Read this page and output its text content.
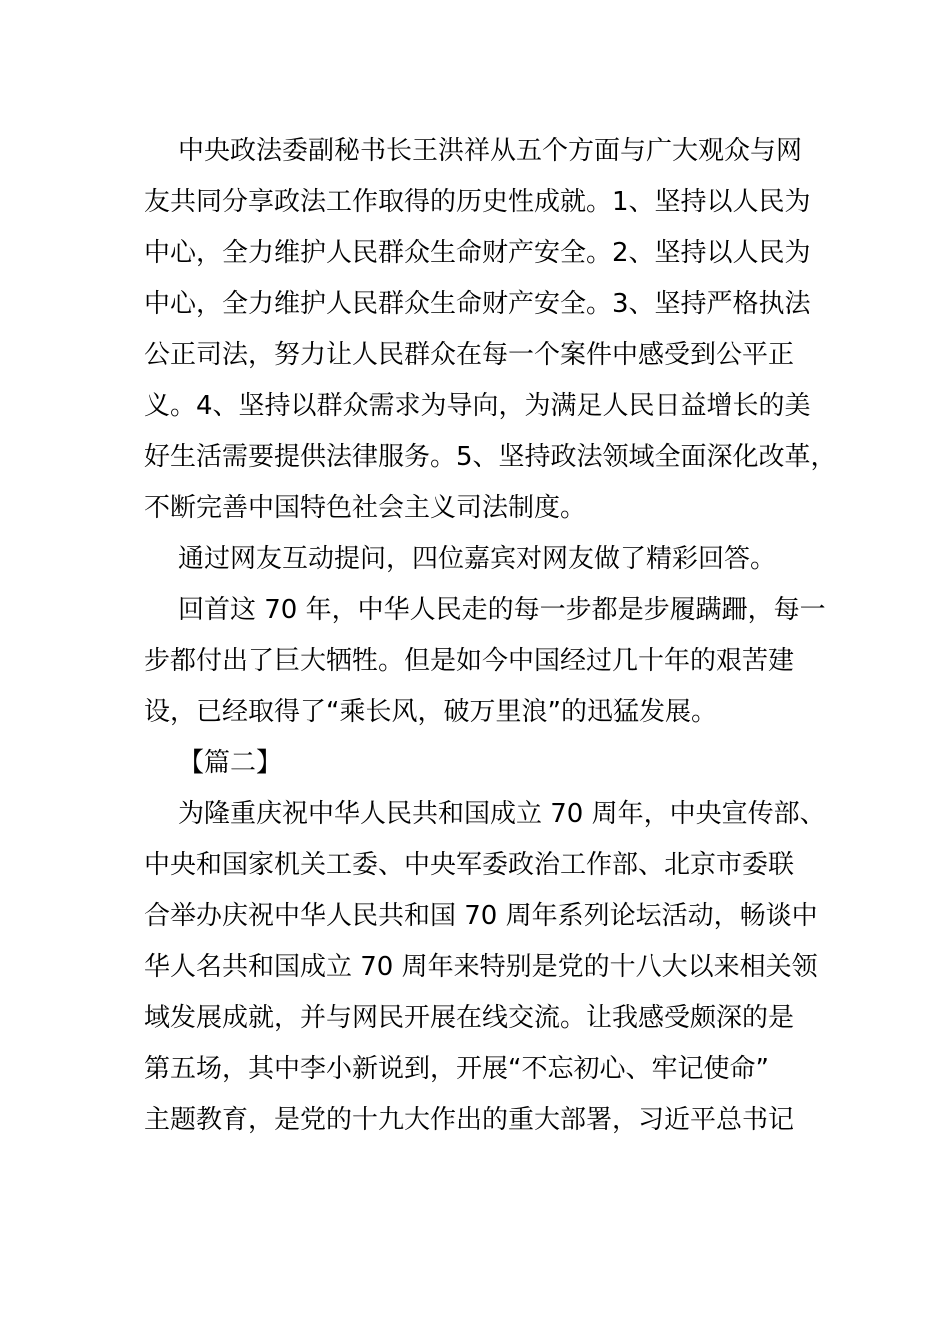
中央政法委副秘书长王洪祥从五个方面与广大观众与网
友共同分享政法工作取得的历史性成就。1、坚持以人民为
中心，全力维护人民群众生命财产安全。2、坚持以人民为
中心，全力维护人民群众生命财产安全。3、坚持严格执法
公正司法，努力让人民群众在每一个案件中感受到公平正
义。4、坚持以群众需求为导向，为满足人民日益增长的美
好生活需要提供法律服务。5、坚持政法领域全面深化改革，
不断完善中国特色社会主义司法制度。
通过网友互动提问，四位嘉宾对网友做了精彩回答。
回首这 70 年，中华人民走的每一步都是步履蹒跚，每一
步都付出了巨大牺牲。但是如今中国经过几十年的艰苦建
设，已经取得了“乘长风，破万里浪”的迅猛发展。
【篇二】
为隆重庆祝中华人民共和国成立 70 周年，中央宣传部、
中央和国家机关工委、中央军委政治工作部、北京市委联
合举办庆祝中华人民共和国 70 周年系列论坛活动，畅谈中
华人名共和国成立 70 周年来特别是党的十八大以来相关领
域发展成就，并与网民开展在线交流。让我感受颇深的是
第五场，其中李小新说到，开展“不忘初心、牢记使命”
主题教育，是党的十九大作出的重大部署，习近平总书记
